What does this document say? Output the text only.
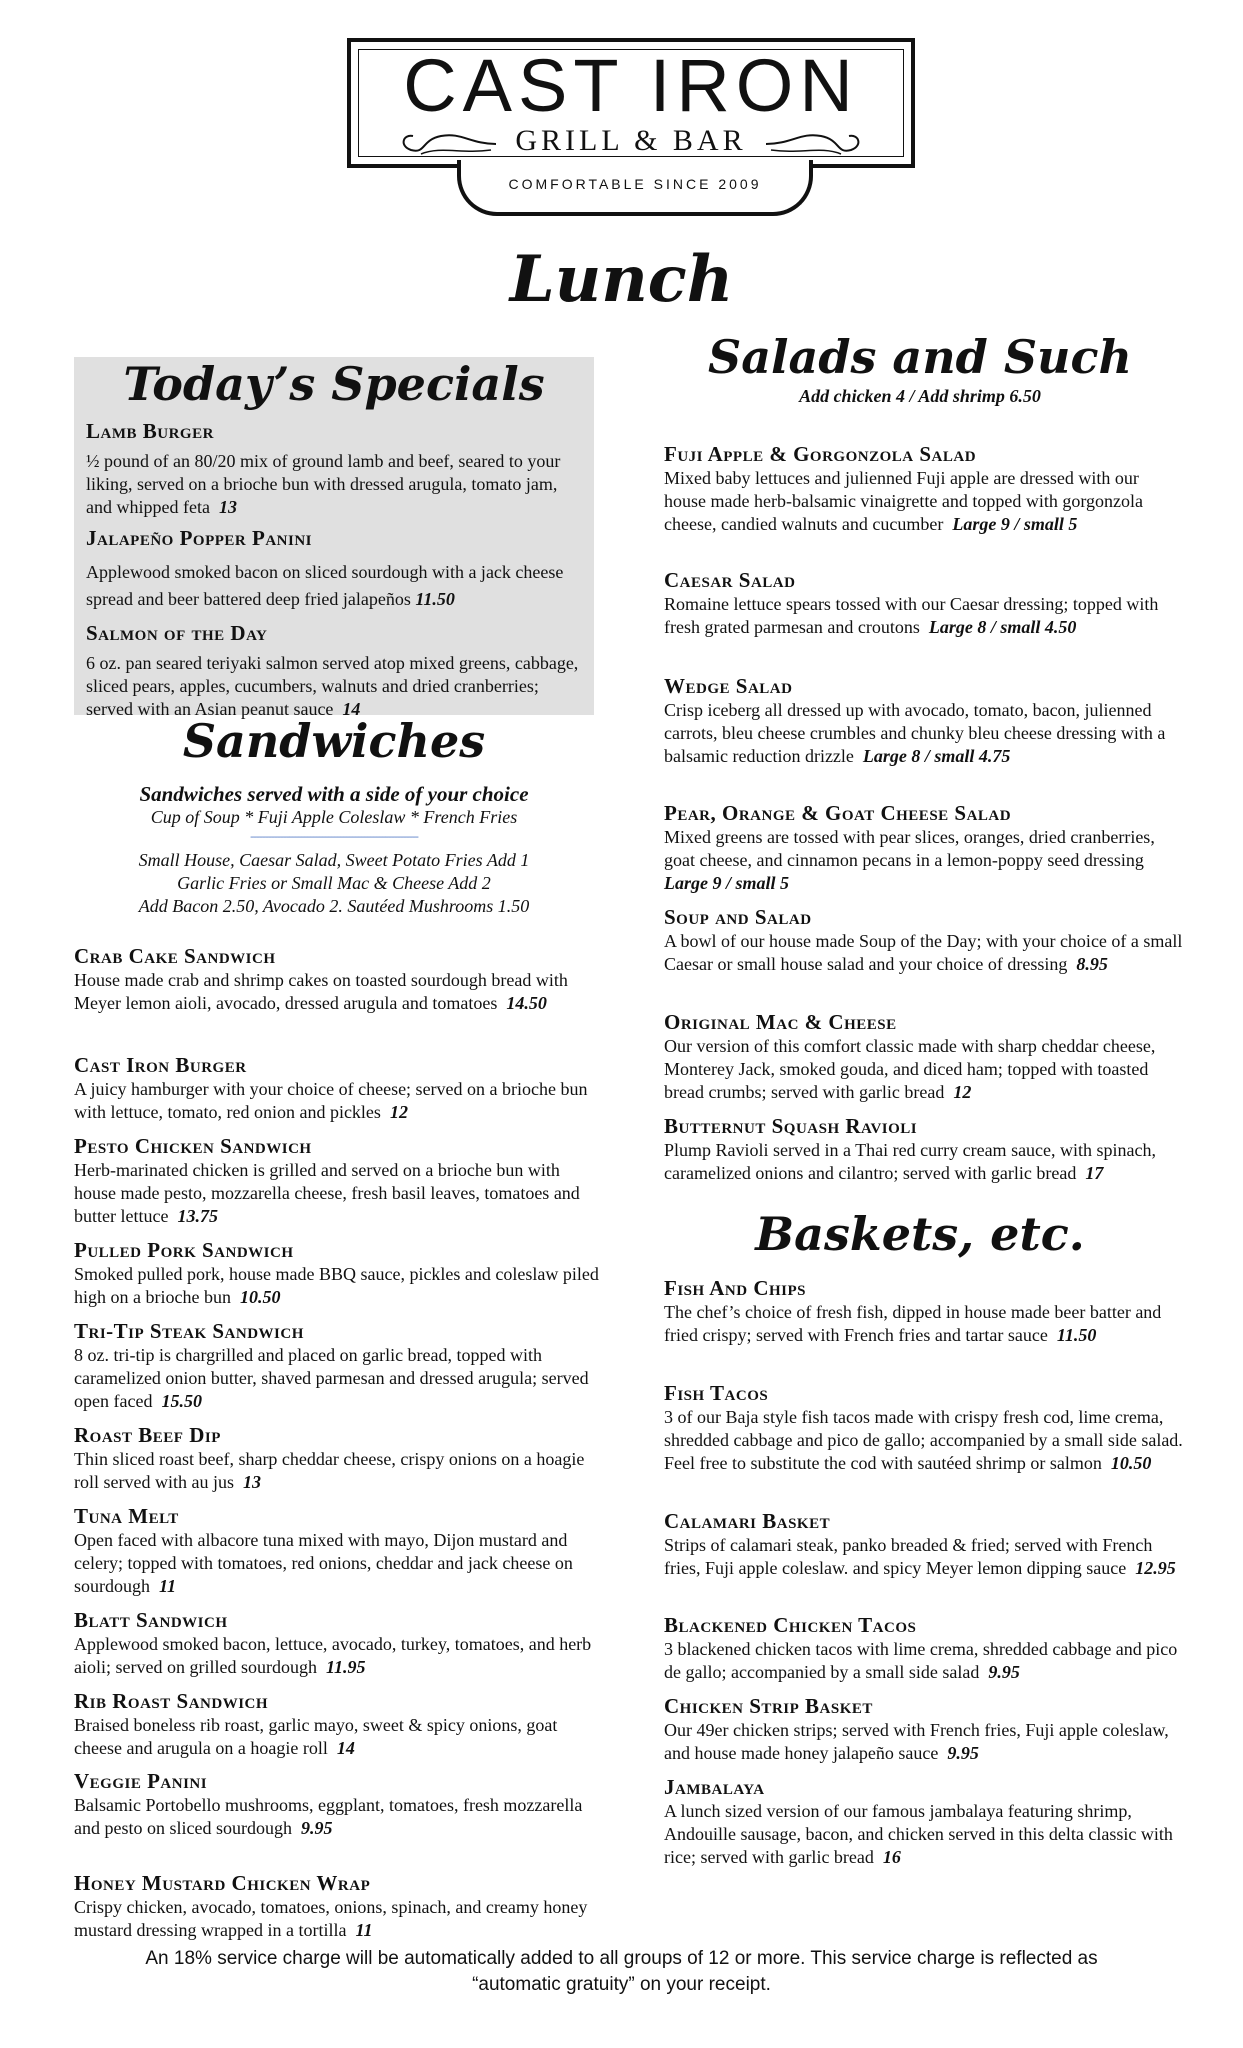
CAST IRON
GRILL & BAR
COMFORTABLE SINCE 2009
Lunch
Today’s Specials
Lamb Burger
½ pound of an 80/20 mix of ground lamb and beef, seared to your liking, served on a brioche bun with dressed arugula, tomato jam, and whipped feta 13
Jalapeño Popper Panini
Applewood smoked bacon on sliced sourdough with a jack cheese spread and beer battered deep fried jalapeños 11.50
Salmon of the Day
6 oz. pan seared teriyaki salmon served atop mixed greens, cabbage, sliced pears, apples, cucumbers, walnuts and dried cranberries; served with an Asian peanut sauce 14
Sandwiches
Sandwiches served with a side of your choice
Cup of Soup * Fuji Apple Coleslaw * French Fries
--------------------------------------------------------
Small House, Caesar Salad, Sweet Potato Fries Add 1
Garlic Fries or Small Mac & Cheese Add 2
Add Bacon 2.50, Avocado 2. Sautéed Mushrooms 1.50
Crab Cake Sandwich
House made crab and shrimp cakes on toasted sourdough bread with Meyer lemon aioli, avocado, dressed arugula and tomatoes 14.50
Cast Iron Burger
A juicy hamburger with your choice of cheese; served on a brioche bun with lettuce, tomato, red onion and pickles 12
Pesto Chicken Sandwich
Herb-marinated chicken is grilled and served on a brioche bun with house made pesto, mozzarella cheese, fresh basil leaves, tomatoes and butter lettuce 13.75
Pulled Pork Sandwich
Smoked pulled pork, house made BBQ sauce, pickles and coleslaw piled high on a brioche bun 10.50
Tri-Tip Steak Sandwich
8 oz. tri-tip is chargrilled and placed on garlic bread, topped with caramelized onion butter, shaved parmesan and dressed arugula; served open faced 15.50
Roast Beef Dip
Thin sliced roast beef, sharp cheddar cheese, crispy onions on a hoagie roll served with au jus 13
Tuna Melt
Open faced with albacore tuna mixed with mayo, Dijon mustard and celery; topped with tomatoes, red onions, cheddar and jack cheese on sourdough 11
Blatt Sandwich
Applewood smoked bacon, lettuce, avocado, turkey, tomatoes, and herb aioli; served on grilled sourdough 11.95
Rib Roast Sandwich
Braised boneless rib roast, garlic mayo, sweet & spicy onions, goat cheese and arugula on a hoagie roll 14
Veggie Panini
Balsamic Portobello mushrooms, eggplant, tomatoes, fresh mozzarella and pesto on sliced sourdough 9.95
Honey Mustard Chicken Wrap
Crispy chicken, avocado, tomatoes, onions, spinach, and creamy honey mustard dressing wrapped in a tortilla 11
Salads and Such
Add chicken 4 / Add shrimp 6.50
Fuji Apple & Gorgonzola Salad
Mixed baby lettuces and julienned Fuji apple are dressed with our house made herb-balsamic vinaigrette and topped with gorgonzola cheese, candied walnuts and cucumber Large 9 / small 5
Caesar Salad
Romaine lettuce spears tossed with our Caesar dressing; topped with fresh grated parmesan and croutons Large 8 / small 4.50
Wedge Salad
Crisp iceberg all dressed up with avocado, tomato, bacon, julienned carrots, bleu cheese crumbles and chunky bleu cheese dressing with a balsamic reduction drizzle Large 8 / small 4.75
Pear, Orange & Goat Cheese Salad
Mixed greens are tossed with pear slices, oranges, dried cranberries, goat cheese, and cinnamon pecans in a lemon-poppy seed dressing  Large 9 / small 5
Soup and Salad
A bowl of our house made Soup of the Day; with your choice of a small Caesar or small house salad and your choice of dressing 8.95
Original Mac & Cheese
Our version of this comfort classic made with sharp cheddar cheese, Monterey Jack, smoked gouda, and diced ham; topped with toasted bread crumbs; served with garlic bread 12
Butternut Squash Ravioli
Plump Ravioli served in a Thai red curry cream sauce, with spinach, caramelized onions and cilantro; served with garlic bread 17
Baskets, etc.
Fish And Chips
The chef’s choice of fresh fish, dipped in house made beer batter and fried crispy; served with French fries and tartar sauce 11.50
Fish Tacos
3 of our Baja style fish tacos made with crispy fresh cod, lime crema, shredded cabbage and pico de gallo; accompanied by a small side salad. Feel free to substitute the cod with sautéed shrimp or salmon 10.50
Calamari Basket
Strips of calamari steak, panko breaded & fried; served with French fries, Fuji apple coleslaw. and spicy Meyer lemon dipping sauce 12.95
Blackened Chicken Tacos
3 blackened chicken tacos with lime crema, shredded cabbage and pico de gallo; accompanied by a small side salad 9.95
Chicken Strip Basket
Our 49er chicken strips; served with French fries, Fuji apple coleslaw, and house made honey jalapeño sauce 9.95
Jambalaya
A lunch sized version of our famous jambalaya featuring shrimp, Andouille sausage, bacon, and chicken served in this delta classic with rice; served with garlic bread 16
An 18% service charge will be automatically added to all groups of 12 or more. This service charge is reflected as
“automatic gratuity” on your receipt.
